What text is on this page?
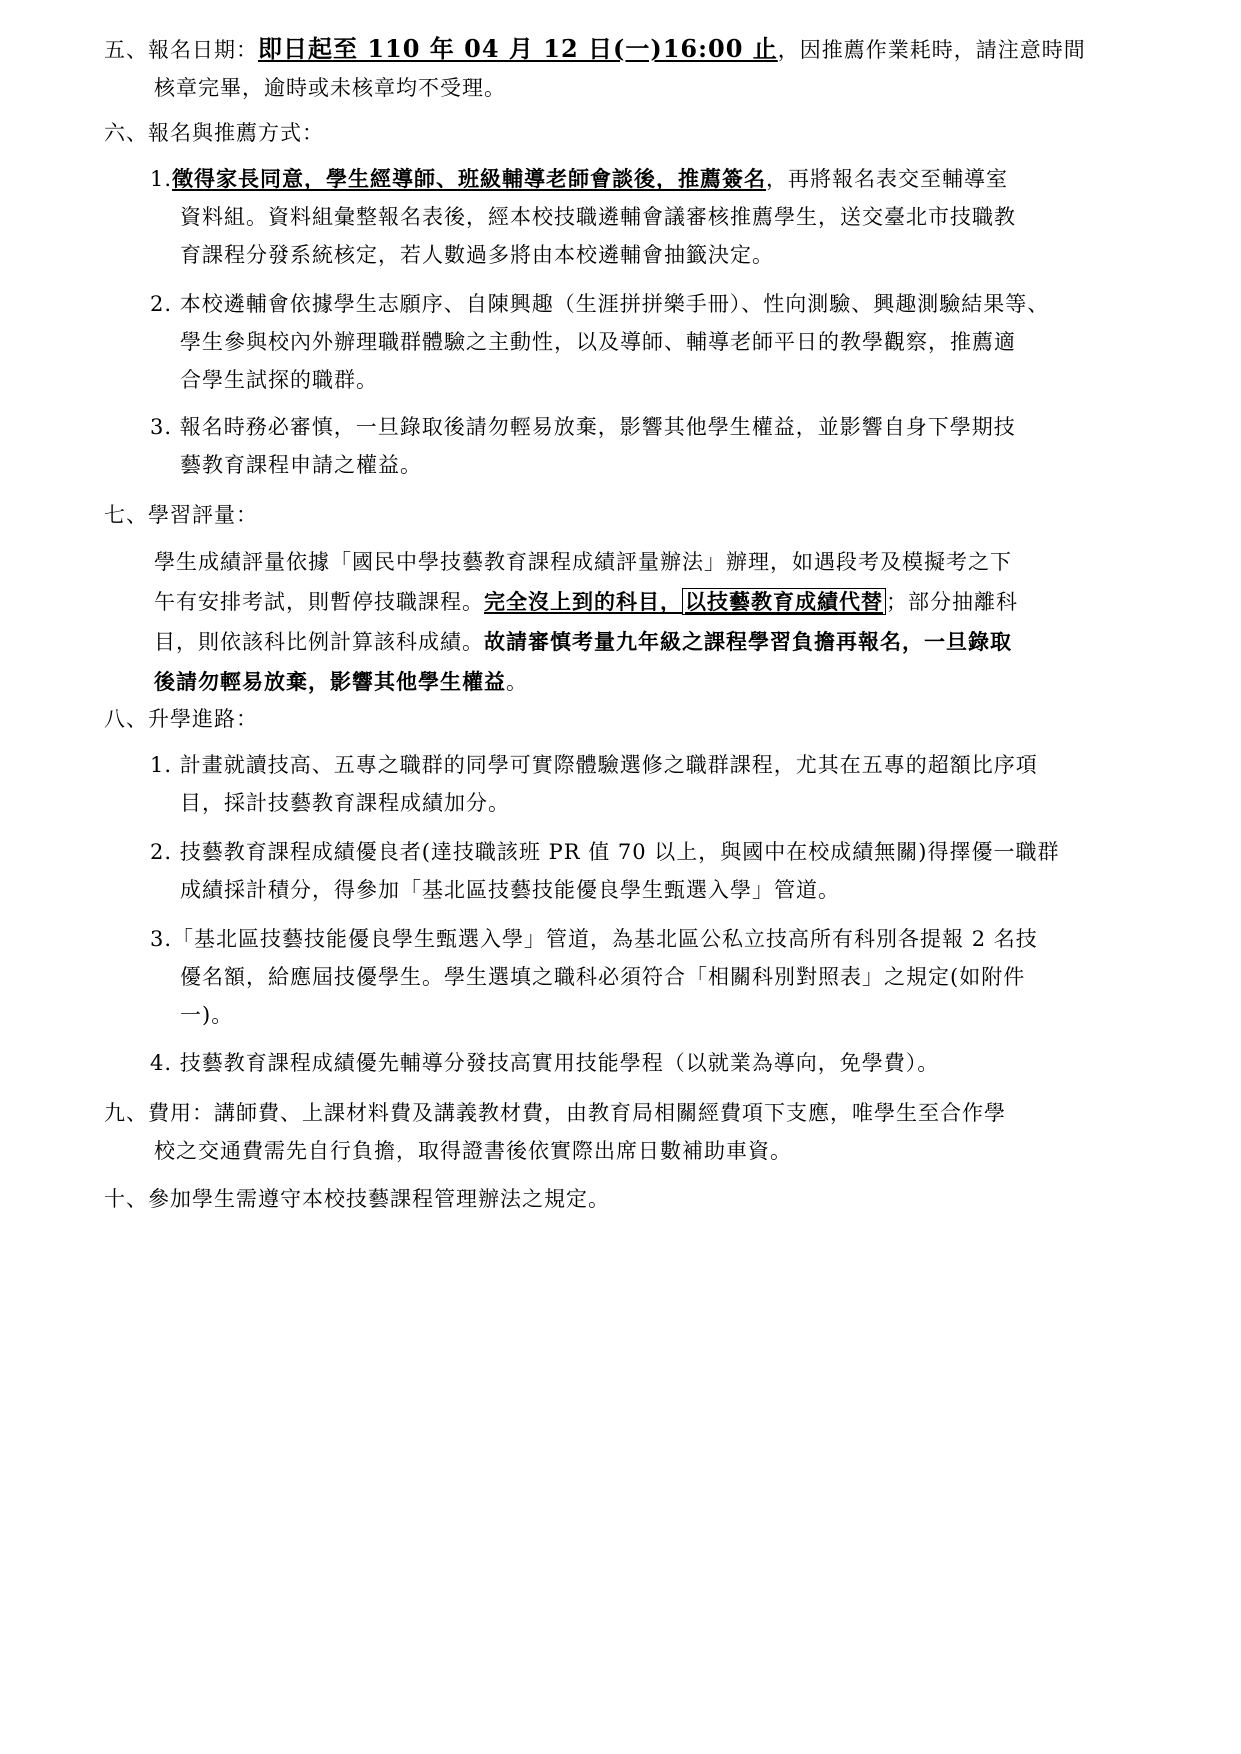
五、報名日期：即日起至 110 年 04 月 12 日(一)16:00 止，因推薦作業耗時，請注意時間
核章完畢，逾時或未核章均不受理。
六、報名與推薦方式：
1.徵得家長同意，學生經導師、班級輔導老師會談後，推薦簽名，再將報名表交至輔導室
資料組。資料組彙整報名表後，經本校技職遴輔會議審核推薦學生，送交臺北市技職教
育課程分發系統核定，若人數過多將由本校遴輔會抽籤決定。
2. 本校遴輔會依據學生志願序、自陳興趣（生涯拼拼樂手冊）、性向測驗、興趣測驗結果等、
學生參與校內外辦理職群體驗之主動性，以及導師、輔導老師平日的教學觀察，推薦適
合學生試探的職群。
3. 報名時務必審慎，一旦錄取後請勿輕易放棄，影響其他學生權益，並影響自身下學期技
藝教育課程申請之權益。
七、學習評量：
學生成績評量依據「國民中學技藝教育課程成績評量辦法」辦理，如遇段考及模擬考之下
午有安排考試，則暫停技職課程。完全沒上到的科目， 以技藝教育成績代替 ；部分抽離科
目，則依該科比例計算該科成績。故請審慎考量九年級之課程學習負擔再報名，一旦錄取
後請勿輕易放棄，影響其他學生權益。
八、升學進路：
1. 計畫就讀技高、五專之職群的同學可實際體驗選修之職群課程，尤其在五專的超額比序項
目，採計技藝教育課程成績加分。
2. 技藝教育課程成績優良者(達技職該班 PR 值 70 以上，與國中在校成績無關)得擇優一職群
成績採計積分，得參加「基北區技藝技能優良學生甄選入學」管道。
3.「基北區技藝技能優良學生甄選入學」管道，為基北區公私立技高所有科別各提報 2 名技
優名額，給應屆技優學生。學生選填之職科必須符合「相關科別對照表」之規定(如附件
一)。
4. 技藝教育課程成績優先輔導分發技高實用技能學程（以就業為導向，免學費）。
九、費用：講師費、上課材料費及講義教材費，由教育局相關經費項下支應，唯學生至合作學
校之交通費需先自行負擔，取得證書後依實際出席日數補助車資。
十、參加學生需遵守本校技藝課程管理辦法之規定。
